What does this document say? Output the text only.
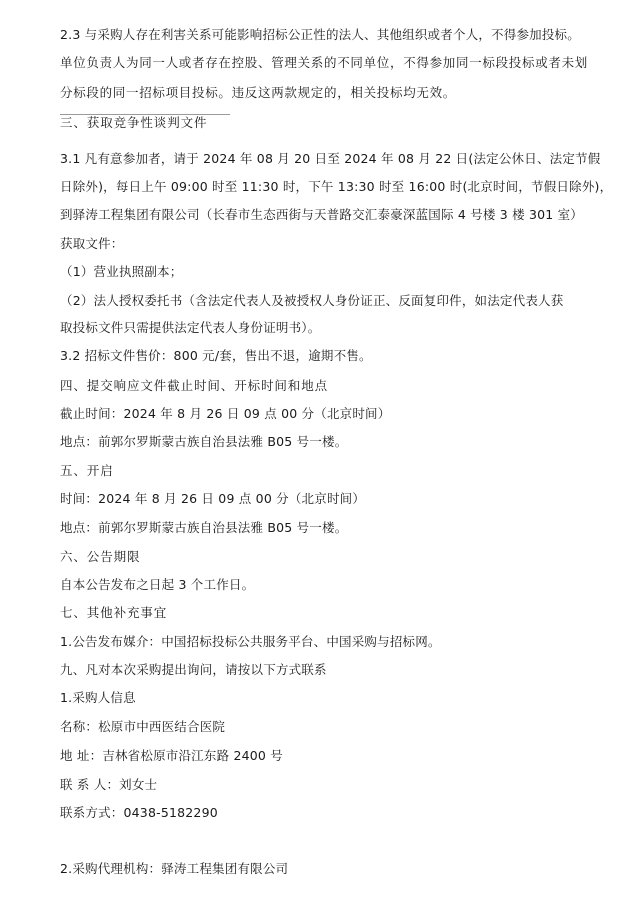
2.3 与采购人存在利害关系可能影响招标公正性的法人、其他组织或者个人，不得参加投标。
单位负责人为同一人或者存在控股、管理关系的不同单位，不得参加同一标段投标或者未划
分标段的同一招标项目投标。违反这两款规定的，相关投标均无效。
三、获取竞争性谈判文件
3.1 凡有意参加者，请于 2024 年 08 月 20 日至 2024 年 08 月 22 日(法定公休日、法定节假
日除外)，每日上午 09:00 时至 11:30 时，下午 13:30 时至 16:00 时(北京时间，节假日除外)，
到驿涛工程集团有限公司（长春市生态西街与天普路交汇泰豪深蓝国际 4 号楼 3 楼 301 室）
获取文件：
（1）营业执照副本；
（2）法人授权委托书（含法定代表人及被授权人身份证正、反面复印件，如法定代表人获
取投标文件只需提供法定代表人身份证明书）。
3.2 招标文件售价：800 元/套，售出不退，逾期不售。
四、提交响应文件截止时间、开标时间和地点
截止时间：2024 年 8 月 26 日 09 点 00 分（北京时间）
地点：前郭尔罗斯蒙古族自治县法雅 B05 号一楼。
五、开启
时间：2024 年 8 月 26 日 09 点 00 分（北京时间）
地点：前郭尔罗斯蒙古族自治县法雅 B05 号一楼。
六、公告期限
自本公告发布之日起 3 个工作日。
七、其他补充事宜
1.公告发布媒介：中国招标投标公共服务平台、中国采购与招标网。
九、凡对本次采购提出询问，请按以下方式联系
1.采购人信息
名称：松原市中西医结合医院
地 址：吉林省松原市沿江东路 2400 号
联 系 人：刘女士
联系方式：0438-5182290
2.采购代理机构：驿涛工程集团有限公司
